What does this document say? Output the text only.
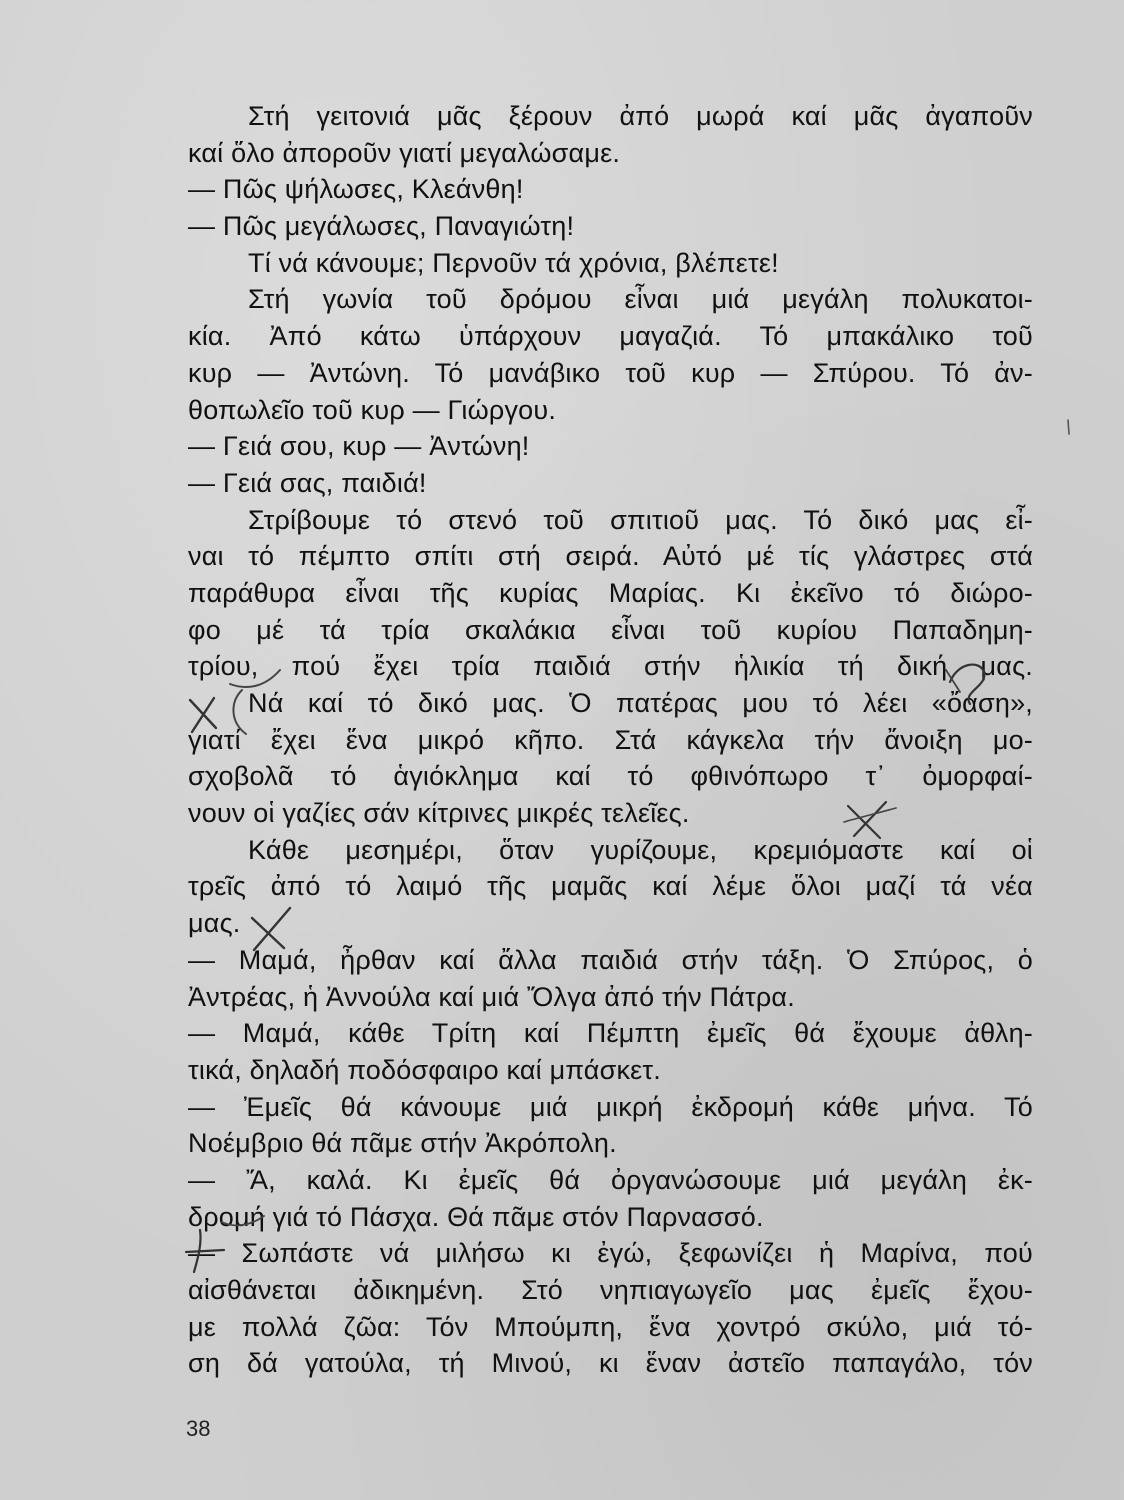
Στή γειτονιά μᾶς ξέρουν ἀπό μωρά καί μᾶς ἀγαποῦν
καί ὅλο ἀποροῦν γιατί μεγαλώσαμε.
— Πῶς ψήλωσες, Κλεάνθη!
— Πῶς μεγάλωσες, Παναγιώτη!
Τί νά κάνουμε; Περνοῦν τά χρόνια, βλέπετε!
Στή γωνία τοῦ δρόμου εἶναι μιά μεγάλη πολυκατοι-
κία. Ἀπό κάτω ὑπάρχουν μαγαζιά. Τό μπακάλικο τοῦ
κυρ — Ἀντώνη. Τό μανάβικο τοῦ κυρ — Σπύρου. Τό ἀν-
θοπωλεῖο τοῦ κυρ — Γιώργου.
— Γειά σου, κυρ — Ἀντώνη!
— Γειά σας, παιδιά!
Στρίβουμε τό στενό τοῦ σπιτιοῦ μας. Τό δικό μας εἶ-
ναι τό πέμπτο σπίτι στή σειρά. Αὐτό μέ τίς γλάστρες στά
παράθυρα εἶναι τῆς κυρίας Μαρίας. Κι ἐκεῖνο τό διώρο-
φο μέ τά τρία σκαλάκια εἶναι τοῦ κυρίου Παπαδημη-
τρίου, πού ἔχει τρία παιδιά στήν ἡλικία τή δική μας.
Νά καί τό δικό μας. Ὁ πατέρας μου τό λέει «ὄαση»,
γιατί ἔχει ἕνα μικρό κῆπο. Στά κάγκελα τήν ἄνοιξη μο-
σχοβολᾶ τό ἁγιόκλημα καί τό φθινόπωρο τ᾽ ὀμορφαί-
νουν οἱ γαζίες σάν κίτρινες μικρές τελεῖες.
Κάθε μεσημέρι, ὅταν γυρίζουμε, κρεμιόμαστε καί οἱ
τρεῖς ἀπό τό λαιμό τῆς μαμᾶς καί λέμε ὅλοι μαζί τά νέα
μας.
— Μαμά, ἦρθαν καί ἄλλα παιδιά στήν τάξη. Ὁ Σπύρος, ὁ
Ἀντρέας, ἡ Ἀννούλα καί μιά Ὄλγα ἀπό τήν Πάτρα.
— Μαμά, κάθε Τρίτη καί Πέμπτη ἐμεῖς θά ἔχουμε ἀθλη-
τικά, δηλαδή ποδόσφαιρο καί μπάσκετ.
— Ἐμεῖς θά κάνουμε μιά μικρή ἐκδρομή κάθε μήνα. Τό
Νοέμβριο θά πᾶμε στήν Ἀκρόπολη.
— Ἄ, καλά. Κι ἐμεῖς θά ὀργανώσουμε μιά μεγάλη ἐκ-
δρομή γιά τό Πάσχα. Θά πᾶμε στόν Παρνασσό.
— Σωπάστε νά μιλήσω κι ἐγώ, ξεφωνίζει ἡ Μαρίνα, πού
αἰσθάνεται ἀδικημένη. Στό νηπιαγωγεῖο μας ἐμεῖς ἔχου-
με πολλά ζῶα: Τόν Μπούμπη, ἕνα χοντρό σκύλο, μιά τό-
ση δά γατούλα, τή Μινού, κι ἕναν ἀστεῖο παπαγάλο, τόν
38
